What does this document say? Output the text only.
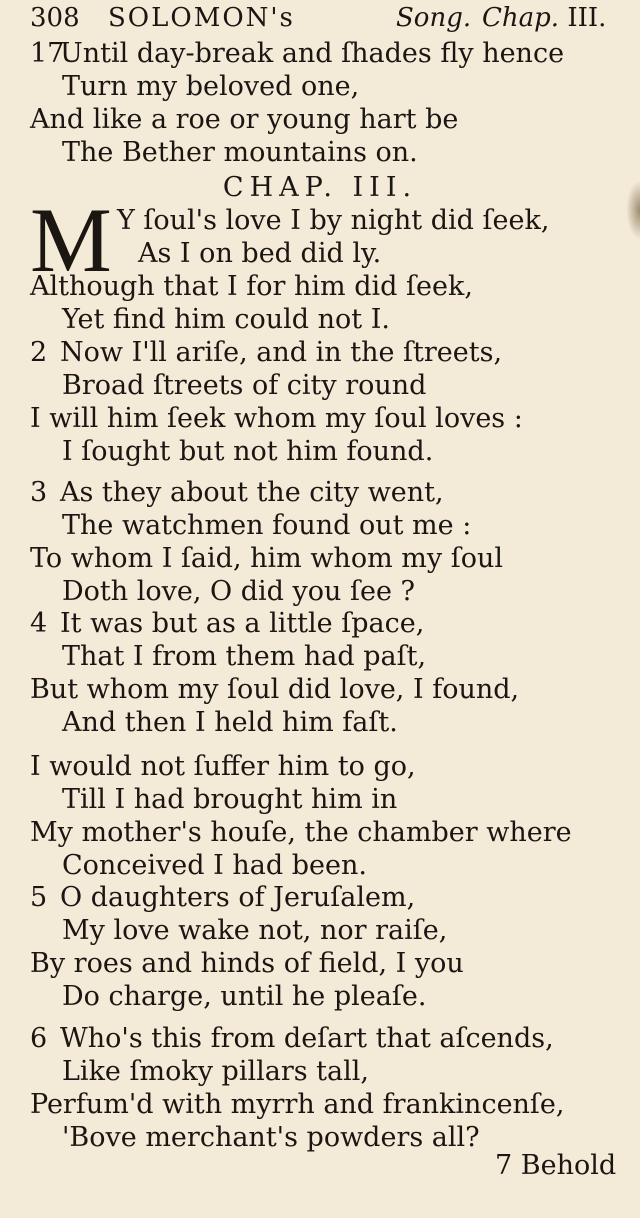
308 SOLOMON's	Song. Chap. III.
CHAP. III.
M
17Until day-break and ſhades fly hence
Turn my beloved one,
And like a roe or young hart be
The Bether mountains on.
Y ſoul's love I by night did ſeek,
As I on bed did ly.
Although that I for him did ſeek,
Yet find him could not I.
2 Now I'll ariſe, and in the ſtreets,
Broad ſtreets of city round
I will him ſeek whom my ſoul loves :
I ſought but not him found.
3 As they about the city went,
The watchmen found out me :
To whom I ſaid, him whom my ſoul
Doth love, O did you ſee ?
4 It was but as a little ſpace,
That I from them had paſt,
But whom my ſoul did love, I found,
And then I held him faſt.
I would not ſuffer him to go,
Till I had brought him in
My mother's houſe, the chamber where
Conceived I had been.
5 O daughters of Jeruſalem,
My love wake not, nor raiſe,
By roes and hinds of field, I you
Do charge, until he pleaſe.
6 Who's this from deſart that aſcends,
Like ſmoky pillars tall,
Perfum'd with myrrh and frankincenſe,
'Bove merchant's powders all?
7 Behold
